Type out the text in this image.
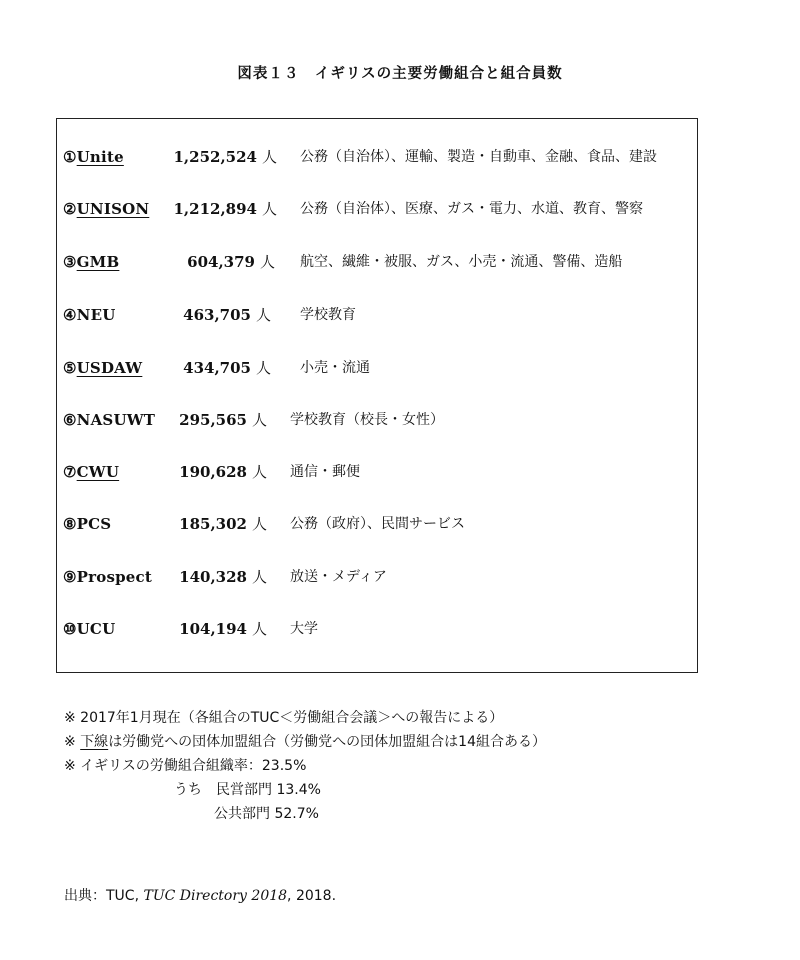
図表１３　イギリスの主要労働組合と組合員数
①Unite	1,252,524 人 公務（自治体）、運輸、製造・自動車、金融、食品、建設
②UNISON 1,212,894 人 公務（自治体）、医療、ガス・電力、水道、教育、警察
③GMB	604,379 人 航空、繊維・被服、ガス、小売・流通、警備、造船
④NEU	463,705 人 学校教育
⑤USDAW	434,705 人 小売・流通
⑥NASUWT 295,565 人 学校教育（校長・女性）
⑦CWU	190,628 人 通信・郵便
⑧PCS	185,302 人 公務（政府）、民間サービス
⑨Prospect 140,328 人 放送・メディア
⑩UCU	104,194 人 大学
※ 2017年1月現在（各組合のTUC＜労働組合会議＞への報告による）
※ 下線は労働党への団体加盟組合（労働党への団体加盟組合は14組合ある）
※ イギリスの労働組合組織率：23.5%
うち　民営部門 13.4%
公共部門 52.7%
出典：TUC, TUC Directory 2018, 2018.
